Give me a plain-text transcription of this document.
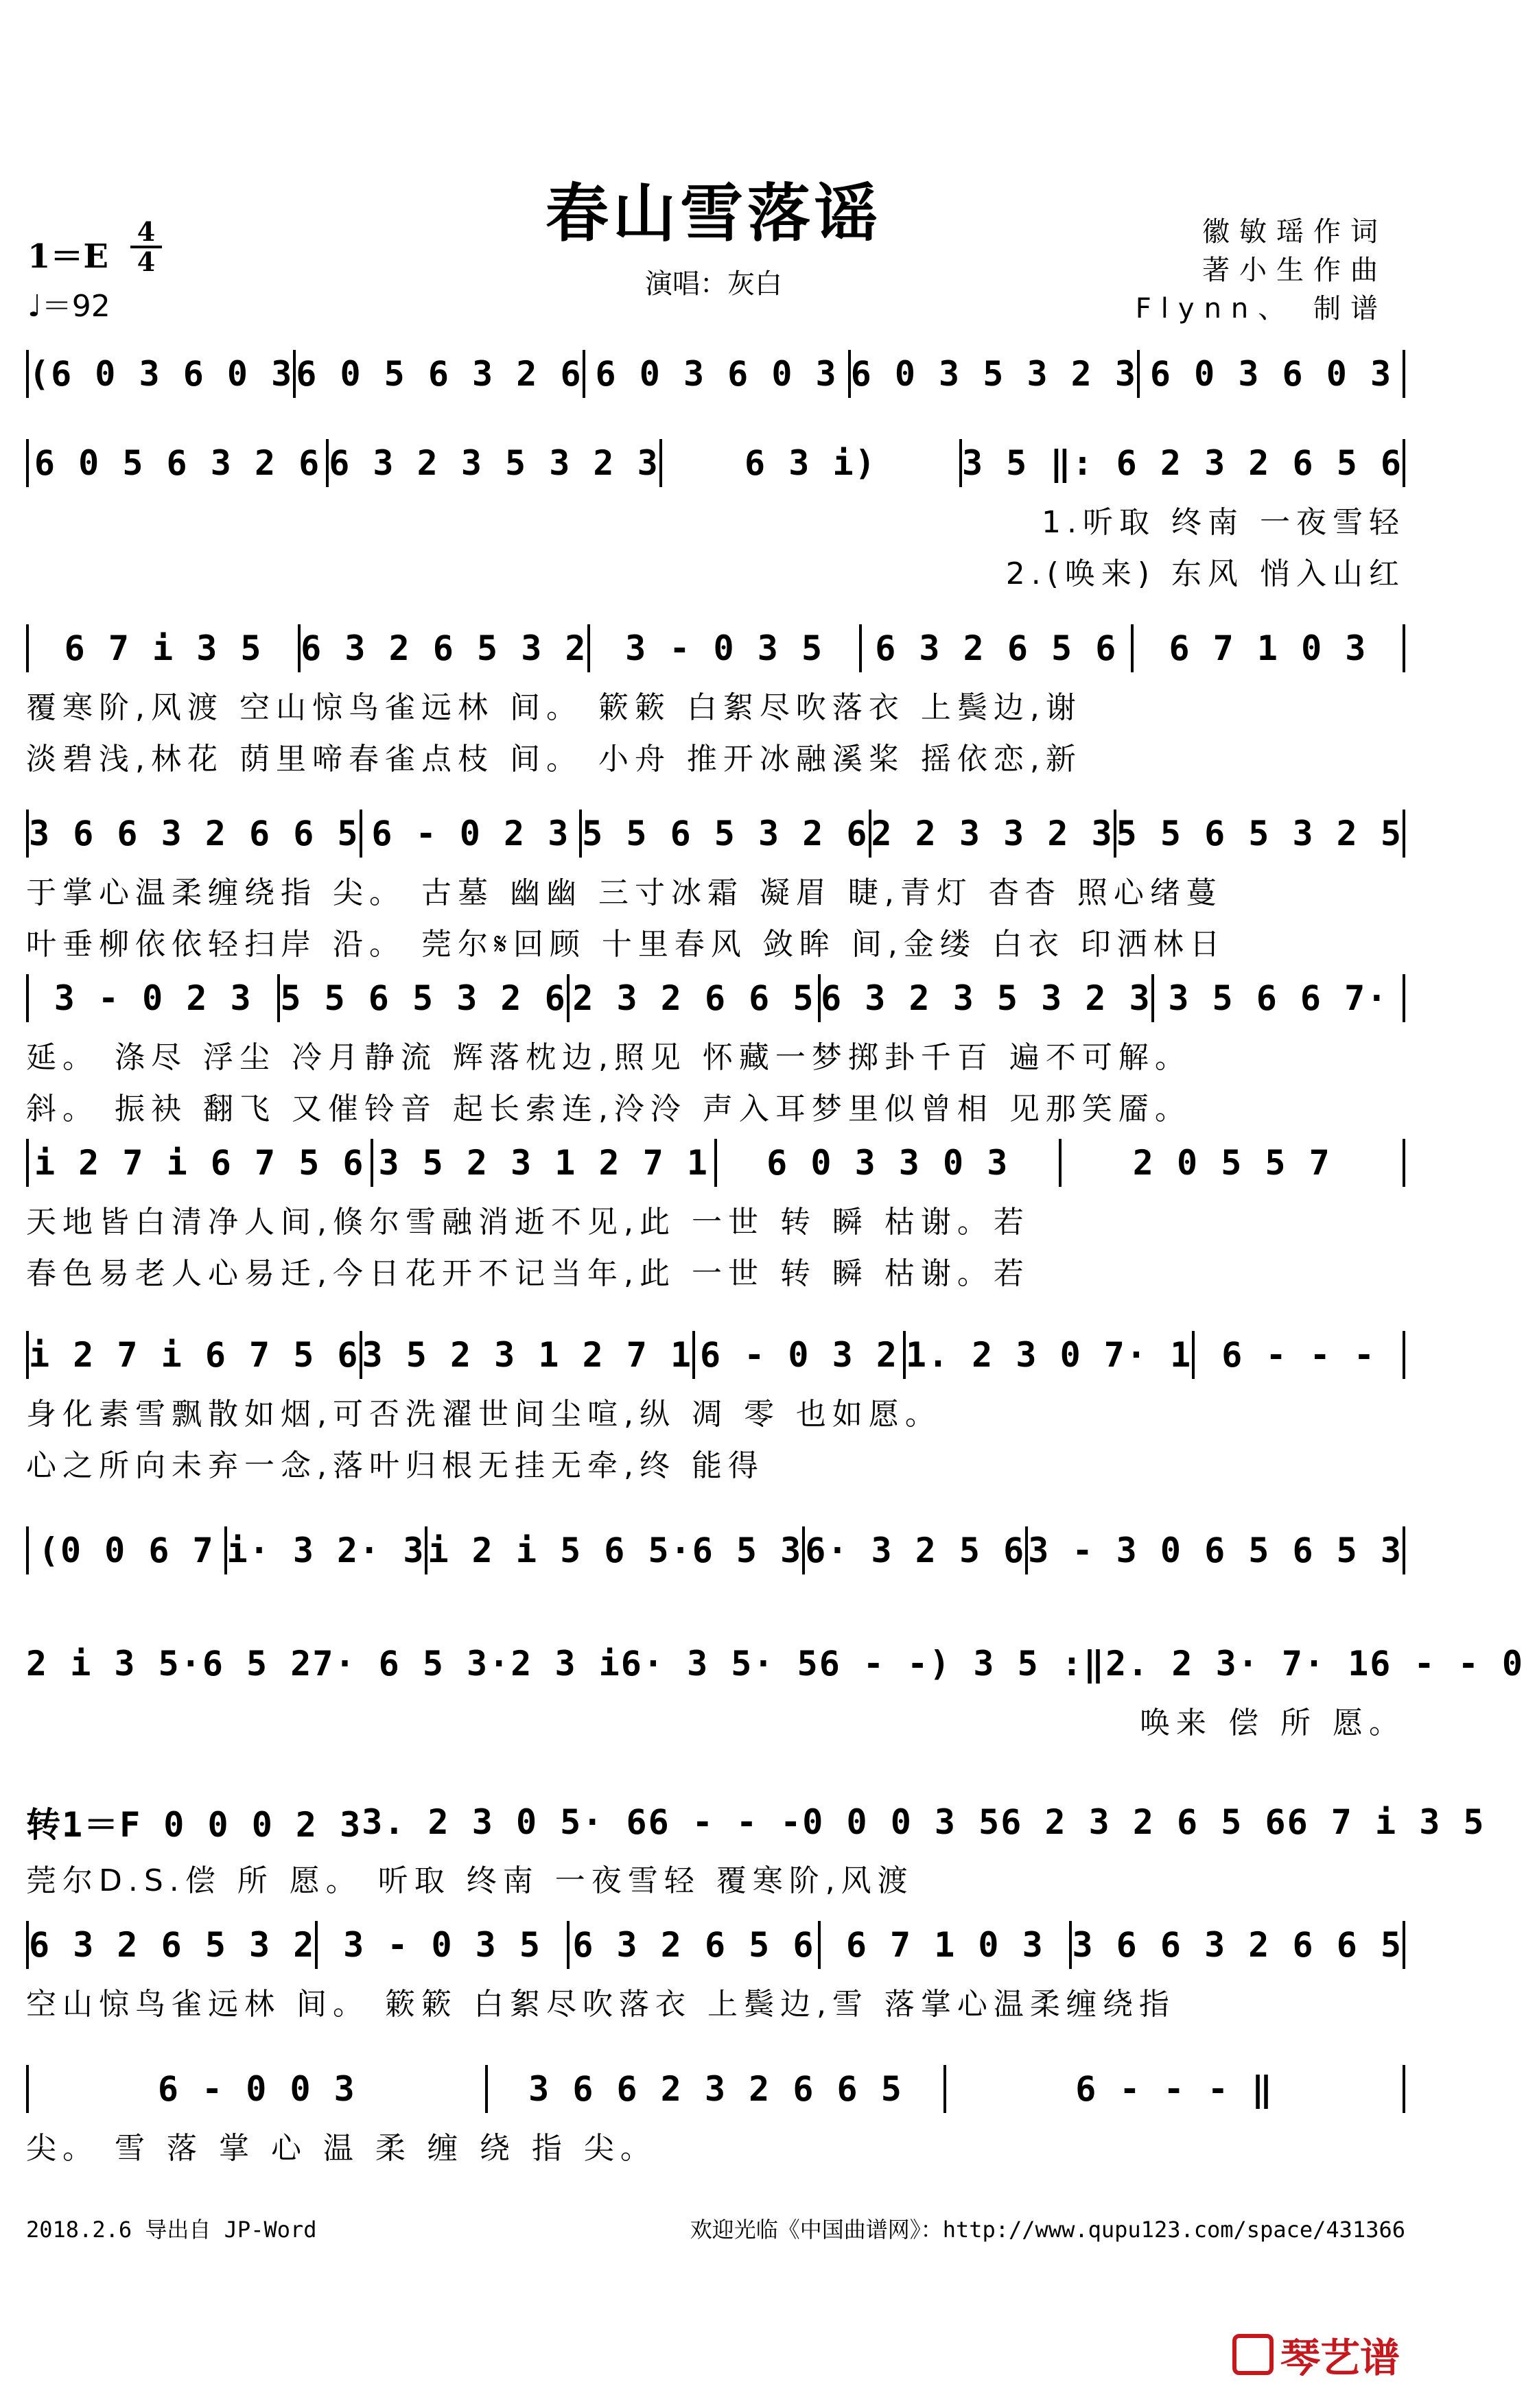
春山雪落谣
演唱：灰白
1＝E
4
4
♩＝92
徽敏瑶作词
著小生作曲
Flynn、 制谱
(6 0 3 6 0 3 6 0 5 6 3 2 6 6 0 3 6 0 3 6 0 3 5 3 2 3 6 0 3 6 0 3
6 0 5 6 3 2 6 6 3 2 3 5 3 2 3	6 3 i)	3 5 ‖: 6 2 3 2 6 5 6
1.听取 终南 一夜雪轻
2.(唤来) 东风 悄入山红
6 7 i 3 5	6 3 2 6 5 3 2	3 - 0 3 5	6 3 2 6 5 6	6 7 1 0 3
覆寒阶,风渡 空山惊鸟雀远林 间。 簌簌 白絮尽吹落衣 上鬓边,谢
淡碧浅,林花 荫里啼春雀点枝 间。 小舟 推开冰融溪桨 摇依恋,新
3 6 6 3 2 6 6 5 6 - 0 2 3 5 5 6 5 3 2 6 2 2 3 3 2 3 5 5 6 5 3 2 5
于掌心温柔缠绕指 尖。 古墓 幽幽 三寸冰霜 凝眉 睫,青灯 杳杳 照心绪蔓
叶垂柳依依轻扫岸 沿。 莞尔𝄋回顾 十里春风 敛眸 间,金缕 白衣 印洒林日
3 - 0 2 3 5 5 6 5 3 2 6 2 3 2 6 6 5 6 3 2 3 5 3 2 3 3 5 6 6 7·
延。 涤尽 浮尘 冷月静流 辉落枕边,照见 怀藏一梦掷卦千百 遍不可解。
斜。 振袂 翻飞 又催铃音 起长索连,泠泠 声入耳梦里似曾相 见那笑靥。
i 2 7 i 6 7 5 6 3 5 2 3 1 2 7 1	6 0 3 3 0 3	2 0 5 5 7
天地皆白清净人间,倏尔雪融消逝不见,此 一世 转 瞬 枯谢。若
春色易老人心易迁,今日花开不记当年,此 一世 转 瞬 枯谢。若
i 2 7 i 6 7 5 6 3 5 2 3 1 2 7 1 6 - 0 3 2 1. 2 3 0 7· 1 6 - - -
身化素雪飘散如烟,可否洗濯世间尘喧,纵 凋 零 也如愿。
心之所向未弃一念,落叶归根无挂无牵,终 能得
(0 0 6 7 i· 3 2· 3 i 2 i 5 6 5·6 5 3 6· 3 2 5 6 3 - 3 0 6 5 6 5 3
2 i 3 5·6 5 2 7· 6 5 3·2 3 i 6· 3 5· 5 6 - -) 3 5 :‖ 2. 2 3· 7· 1 6 - - 0
唤来 偿 所 愿。
转1＝F 0 0 0 2 3 3. 2 3 0 5· 6 6 - - - 0 0 0 3 5 6 2 3 2 6 5 6 6 7 i 3 5
莞尔D.S.偿 所 愿。 听取 终南 一夜雪轻 覆寒阶,风渡
6 3 2 6 5 3 2 3 - 0 3 5 6 3 2 6 5 6 6 7 1 0 3 3 6 6 3 2 6 6 5
空山惊鸟雀远林 间。 簌簌 白絮尽吹落衣 上鬓边,雪 落掌心温柔缠绕指
6 - 0 0 3	3 6 6 2 3 2 6 6 5	6 - - - ‖
尖。 雪 落 掌 心 温 柔 缠 绕 指 尖。
2018.2.6 导出自 JP-Word	欢迎光临《中国曲谱网》：http://www.qupu123.com/space/431366
琴艺谱
